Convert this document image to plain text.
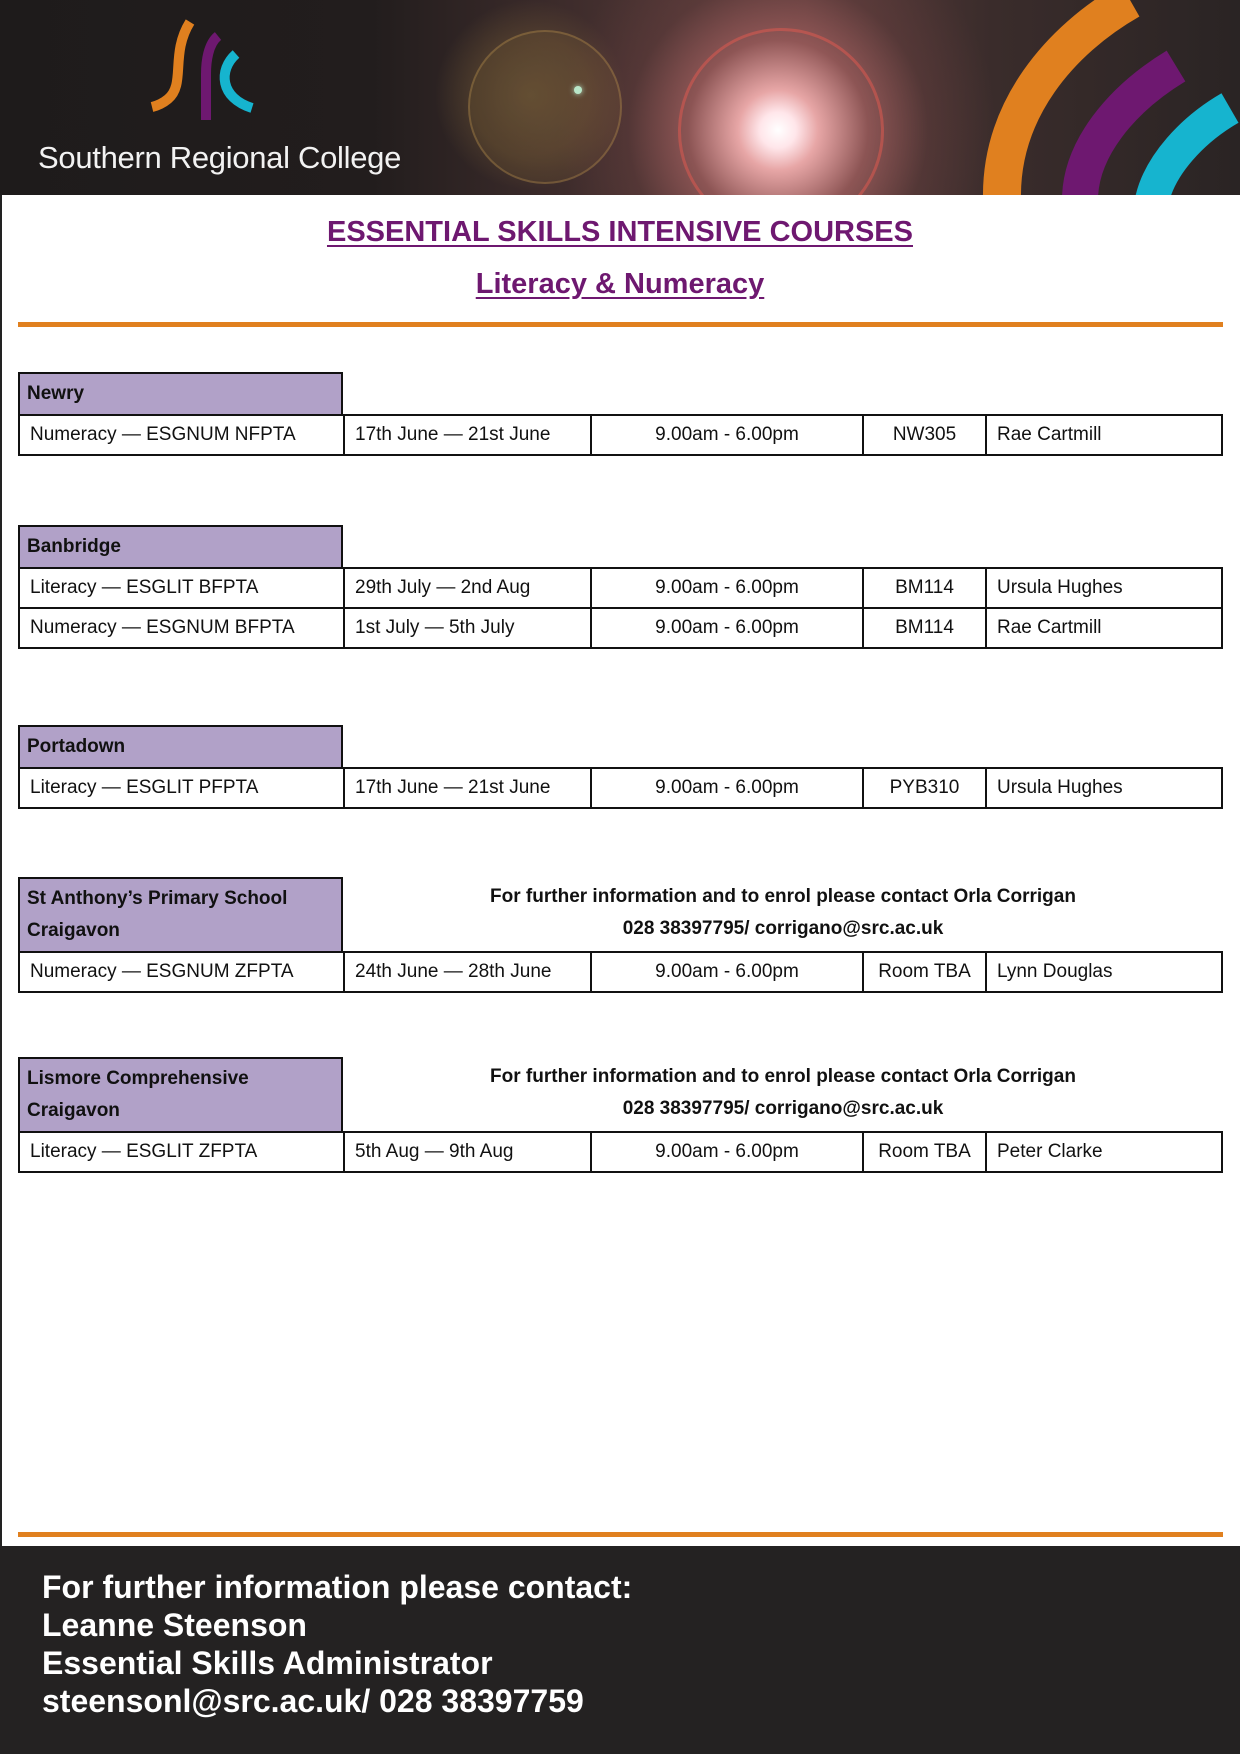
Southern Regional College
ESSENTIAL SKILLS INTENSIVE COURSES
Literacy & Numeracy
Newry
Numeracy — ESGNUM NFPTA	17th June — 21st June	9.00am - 6.00pm	NW305	Rae Cartmill
Banbridge
Literacy — ESGLIT BFPTA	29th July — 2nd Aug	9.00am - 6.00pm	BM114	Ursula Hughes
Numeracy — ESGNUM BFPTA	1st July — 5th July	9.00am - 6.00pm	BM114	Rae Cartmill
Portadown
Literacy — ESGLIT PFPTA	17th June — 21st June	9.00am - 6.00pm	PYB310	Ursula Hughes
St Anthony’s Primary School
Craigavon
For further information and to enrol please contact Orla Corrigan
028 38397795/ corrigano@src.ac.uk
Numeracy — ESGNUM ZFPTA	24th June — 28th June	9.00am - 6.00pm	Room TBA	Lynn Douglas
Lismore Comprehensive
Craigavon
For further information and to enrol please contact Orla Corrigan
028 38397795/ corrigano@src.ac.uk
Literacy — ESGLIT ZFPTA	5th Aug — 9th Aug	9.00am - 6.00pm	Room TBA	Peter Clarke
For further information please contact:
Leanne Steenson
Essential Skills Administrator
steensonl@src.ac.uk/ 028 38397759
